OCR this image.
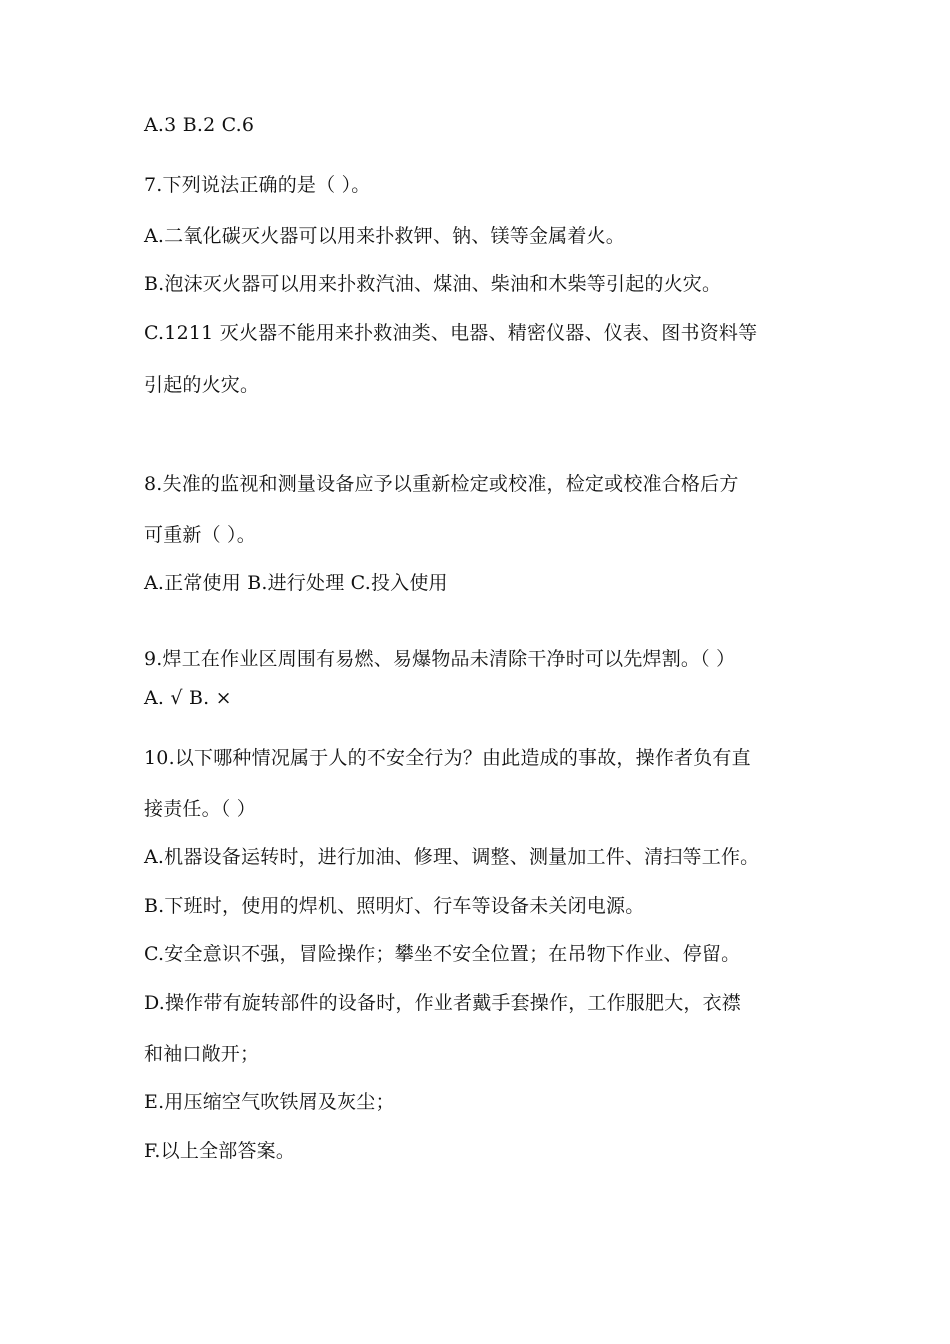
A.3 B.2 C.6
7.下列说法正确的是（ ）。
A.二氧化碳灭火器可以用来扑救钾、钠、镁等金属着火。
B.泡沫灭火器可以用来扑救汽油、煤油、柴油和木柴等引起的火灾。
C.1211 灭火器不能用来扑救油类、电器、精密仪器、仪表、图书资料等
引起的火灾。
8.失准的监视和测量设备应予以重新检定或校准，检定或校准合格后方
可重新（ ）。
A.正常使用 B.进行处理 C.投入使用
9.焊工在作业区周围有易燃、易爆物品未清除干净时可以先焊割。（ ）
A. √ B. ×
10.以下哪种情况属于人的不安全行为？由此造成的事故，操作者负有直
接责任。（ ）
A.机器设备运转时，进行加油、修理、调整、测量加工件、清扫等工作。
B.下班时，使用的焊机、照明灯、行车等设备未关闭电源。
C.安全意识不强，冒险操作；攀坐不安全位置；在吊物下作业、停留。
D.操作带有旋转部件的设备时，作业者戴手套操作，工作服肥大，衣襟
和袖口敞开；
E.用压缩空气吹铁屑及灰尘；
F.以上全部答案。
